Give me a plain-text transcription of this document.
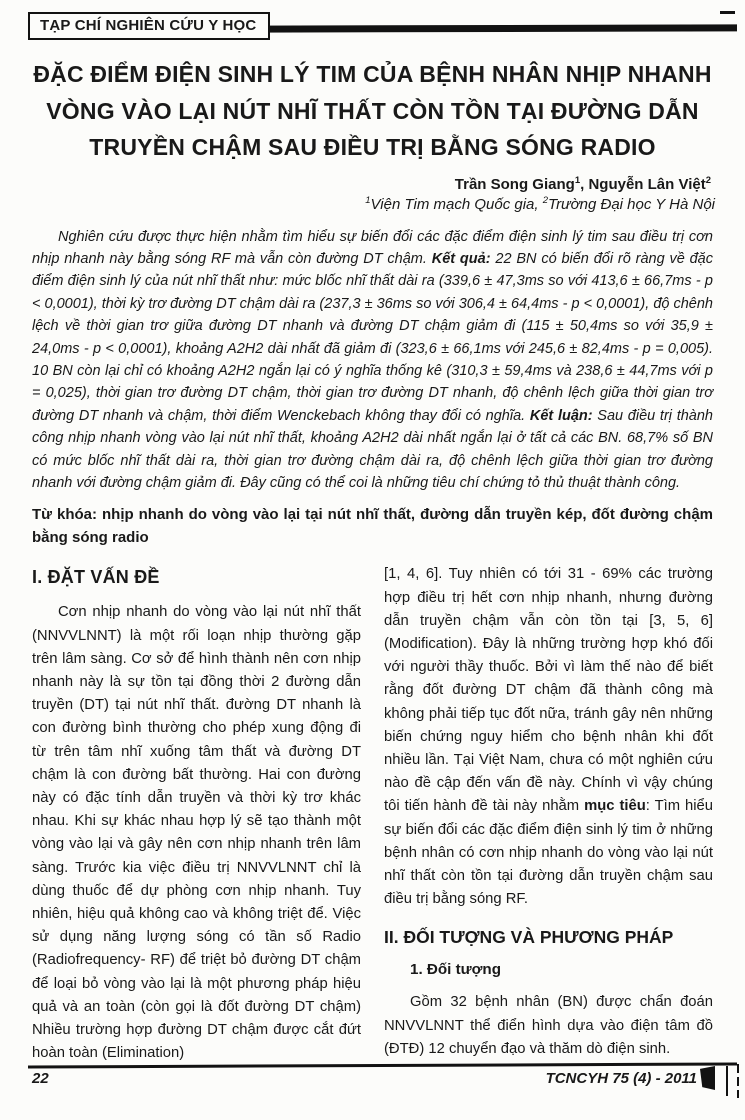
TẠP CHÍ NGHIÊN CỨU Y HỌC
ĐẶC ĐIỂM ĐIỆN SINH LÝ TIM CỦA BỆNH NHÂN NHỊP NHANH
VÒNG VÀO LẠI NÚT NHĨ THẤT CÒN TỒN TẠI ĐƯỜNG DẪN
TRUYỀN CHẬM SAU ĐIỀU TRỊ BẰNG SÓNG RADIO
Trần Song Giang$^1$, Nguyễn Lân Việt$^2$
$^1$Viện Tim mạch Quốc gia, $^2$Trường Đại học Y Hà Nội

Nghiên cứu được thực hiện nhằm tìm hiểu sự biến đổi các đặc điểm điện sinh lý tim sau điều trị cơn nhịp nhanh này bằng sóng RF mà vẫn còn đường DT chậm. Kết quả: 22 BN có biến đổi rõ ràng về đặc điểm điện sinh lý của nút nhĩ thất như: mức blốc nhĩ thất dài ra (339,6 ± 47,3ms so với 413,6 ± 66,7ms - p < 0,0001), thời kỳ trơ đường DT chậm dài ra (237,3 ± 36ms so với 306,4 ± 64,4ms - p < 0,0001), độ chênh lệch về thời gian trơ giữa đường DT nhanh và đường DT chậm giảm đi (115 ± 50,4ms so với 35,9 ± 24,0ms - p < 0,0001), khoảng A2H2 dài nhất đã giảm đi (323,6 ± 66,1ms với 245,6 ± 82,4ms - p = 0,005). 10 BN còn lại chỉ có khoảng A2H2 ngắn lại có ý nghĩa thống kê (310,3 ± 59,4ms và 238,6 ± 44,7ms với p = 0,025), thời gian trơ đường DT chậm, thời gian trơ đường DT nhanh, độ chênh lệch giữa thời gian trơ đường DT nhanh và chậm, thời điểm Wenckebach không thay đổi có nghĩa. Kết luận: Sau điều trị thành công nhịp nhanh vòng vào lại nút nhĩ thất, khoảng A2H2 dài nhất ngắn lại ở tất cả các BN. 68,7% số BN có mức blốc nhĩ thất dài ra, thời gian trơ đường chậm dài ra, độ chênh lệch giữa thời gian trơ đường nhanh với đường chậm giảm đi. Đây cũng có thể coi là những tiêu chí chứng tỏ thủ thuật thành công.

Từ khóa: nhịp nhanh do vòng vào lại tại nút nhĩ thất, đường dẫn truyền kép, đốt đường chậm bằng sóng radio

I. ĐẶT VẤN ĐỀ

Cơn nhịp nhanh do vòng vào lại nút nhĩ thất (NNVVLNNT) là một rối loạn nhịp thường gặp trên lâm sàng. Cơ sở để hình thành nên cơn nhịp nhanh này là sự tồn tại đồng thời 2 đường dẫn truyền (DT) tại nút nhĩ thất. đường DT nhanh là con đường bình thường cho phép xung động đi từ trên tâm nhĩ xuống tâm thất và đường DT chậm là con đường bất thường. Hai con đường này có đặc tính dẫn truyền và thời kỳ trơ khác nhau. Khi sự khác nhau hợp lý sẽ tạo thành một vòng vào lại và gây nên cơn nhịp nhanh trên lâm sàng. Trước kia việc điều trị NNVVLNNT chỉ là dùng thuốc để dự phòng cơn nhịp nhanh. Tuy nhiên, hiệu quả không cao và không triệt để. Việc sử dụng năng lượng sóng có tần số Radio (Radiofrequency- RF) để triệt bỏ đường DT chậm để loại bỏ vòng vào lại là một phương pháp hiệu quả và an toàn (còn gọi là đốt đường DT chậm) Nhiều trường hợp đường DT chậm được cắt đứt hoàn toàn (Elimination)

[1, 4, 6]. Tuy nhiên có tới 31 - 69% các trường hợp điều trị hết cơn nhịp nhanh, nhưng đường dẫn truyền chậm vẫn còn tồn tại [3, 5, 6] (Modification). Đây là những trường hợp khó đối với người thầy thuốc. Bởi vì làm thế nào để biết rằng đốt đường DT chậm đã thành công mà không phải tiếp tục đốt nữa, tránh gây nên những biến chứng nguy hiểm cho bệnh nhân khi đốt nhiều lần. Tại Việt Nam, chưa có một nghiên cứu nào đề cập đến vấn đề này. Chính vì vậy chúng tôi tiến hành đề tài này nhằm mục tiêu: Tìm hiểu sự biến đổi các đặc điểm điện sinh lý tim ở những bệnh nhân có cơn nhịp nhanh do vòng vào lại nút nhĩ thất còn tồn tại đường dẫn truyền chậm sau điều trị bằng sóng RF.

II. ĐỐI TƯỢNG VÀ PHƯƠNG PHÁP
1. Đối tượng

Gồm 32 bệnh nhân (BN) được chẩn đoán NNVVLNNT thể điển hình dựa vào điện tâm đồ (ĐTĐ) 12 chuyển đạo và thăm dò điện sinh.

22	TCNCYH 75 (4) - 2011
